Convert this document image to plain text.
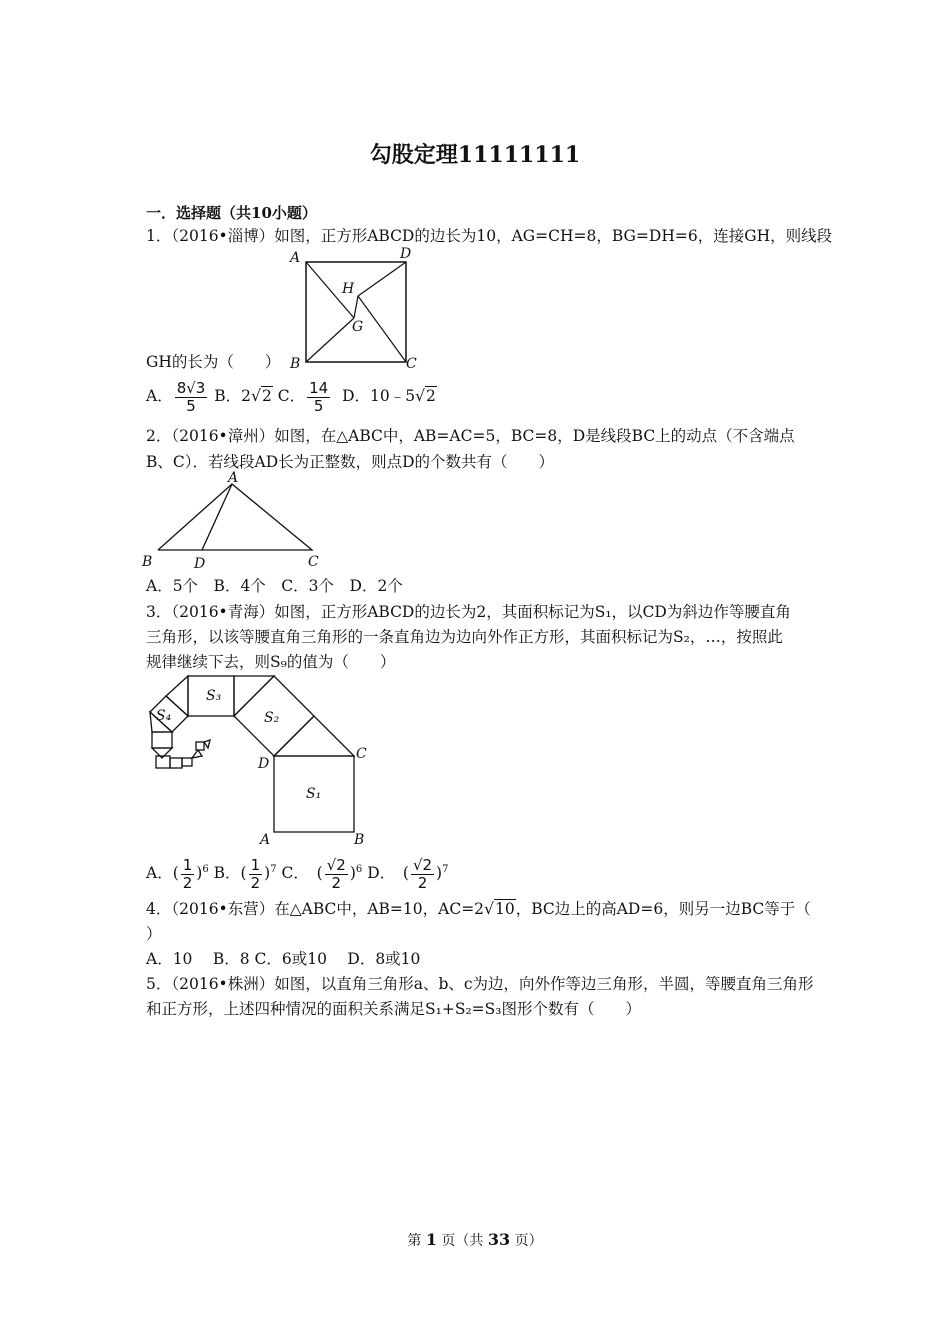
勾股定理11111111
一．选择题（共10小题）
1．（2016•淄博）如图，正方形ABCD的边长为10，AG=CH=8，BG=DH=6，连接GH，则线段
A	D
B	C
H
G
GH的长为（　　）
A． $\frac{8√3}{5}$ B．2√2 C． $\frac{14}{5}$ D．10﹣5√2
2．（2016•漳州）如图，在△ABC中，AB=AC=5，BC=8，D是线段BC上的动点（不含端点
B、C）．若线段AD长为正整数，则点D的个数共有（　　）
A
B	D	C
A．5个　B．4个　C．3个　D．2个
3．（2016•青海）如图，正方形ABCD的边长为2，其面积标记为S₁，以CD为斜边作等腰直角
三角形，以该等腰直角三角形的一条直角边为边向外作正方形，其面积标记为S₂，…，按照此
规律继续下去，则S₉的值为（　　）
S₃
S₂
S₄
S₁
D
C
A	B
A．( $\frac{1}{2} )^6$ B．( $\frac{1}{2} )^7$ C．　( $\frac{√2}{2} )^6$ D．　( $\frac{√2}{2} )^7$
4．（2016•东营）在△ABC中，AB=10，AC=2√10，BC边上的高AD=6，则另一边BC等于（
）
A．10　 B．8 C．6或10　 D．8或10
5．（2016•株洲）如图，以直角三角形a、b、c为边，向外作等边三角形，半圆，等腰直角三角形
和正方形，上述四种情况的面积关系满足S₁+S₂=S₃图形个数有（　　）
第 1 页（共 33 页）
